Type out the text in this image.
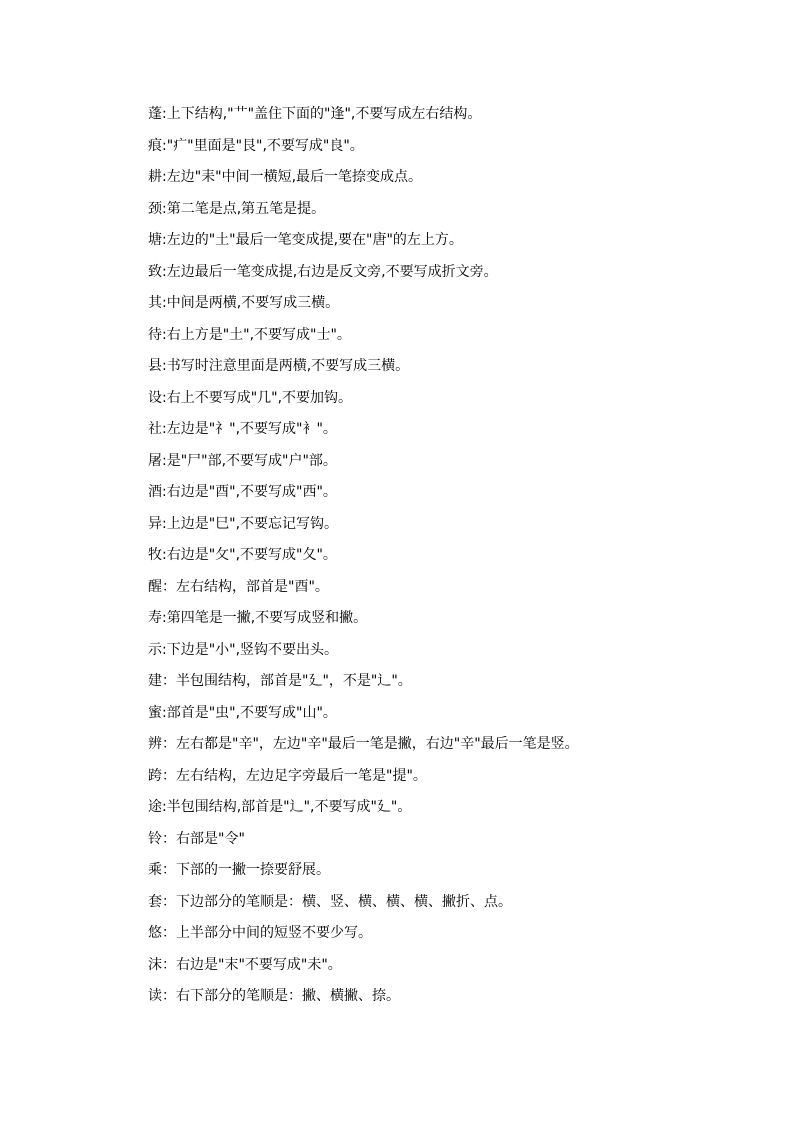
蓬:上下结构,"艹"盖住下面的"逢",不要写成左右结构。
痕:"疒"里面是"艮",不要写成"良"。
耕:左边"耒"中间一横短,最后一笔捺变成点。
颈:第二笔是点,第五笔是提。
塘:左边的"土"最后一笔变成提,要在"唐"的左上方。
致:左边最后一笔变成提,右边是反文旁,不要写成折文旁。
其:中间是两横,不要写成三横。
待:右上方是"土",不要写成"士"。
县:书写时注意里面是两横,不要写成三横。
设:右上不要写成"几",不要加钩。
社:左边是"礻",不要写成"衤"。
屠:是"尸"部,不要写成"户"部。
酒:右边是"酉",不要写成"西"。
异:上边是"巳",不要忘记写钩。
牧:右边是"攵",不要写成"夂"。
醒：左右结构，部首是"酉"。
寿:第四笔是一撇,不要写成竖和撇。
示:下边是"小",竖钩不要出头。
建：半包围结构，部首是"廴"，不是"辶"。
蜜:部首是"虫",不要写成"山"。
辨：左右都是"辛"，左边"辛"最后一笔是撇，右边"辛"最后一笔是竖。
跨：左右结构，左边足字旁最后一笔是"提"。
途:半包围结构,部首是"辶",不要写成"廴"。
铃：右部是"令"
乘：下部的一撇一捺要舒展。
套：下边部分的笔顺是：横、竖、横、横、横、撇折、点。
悠：上半部分中间的短竖不要少写。
沫：右边是"末"不要写成"未"。
读：右下部分的笔顺是：撇、横撇、捺。
